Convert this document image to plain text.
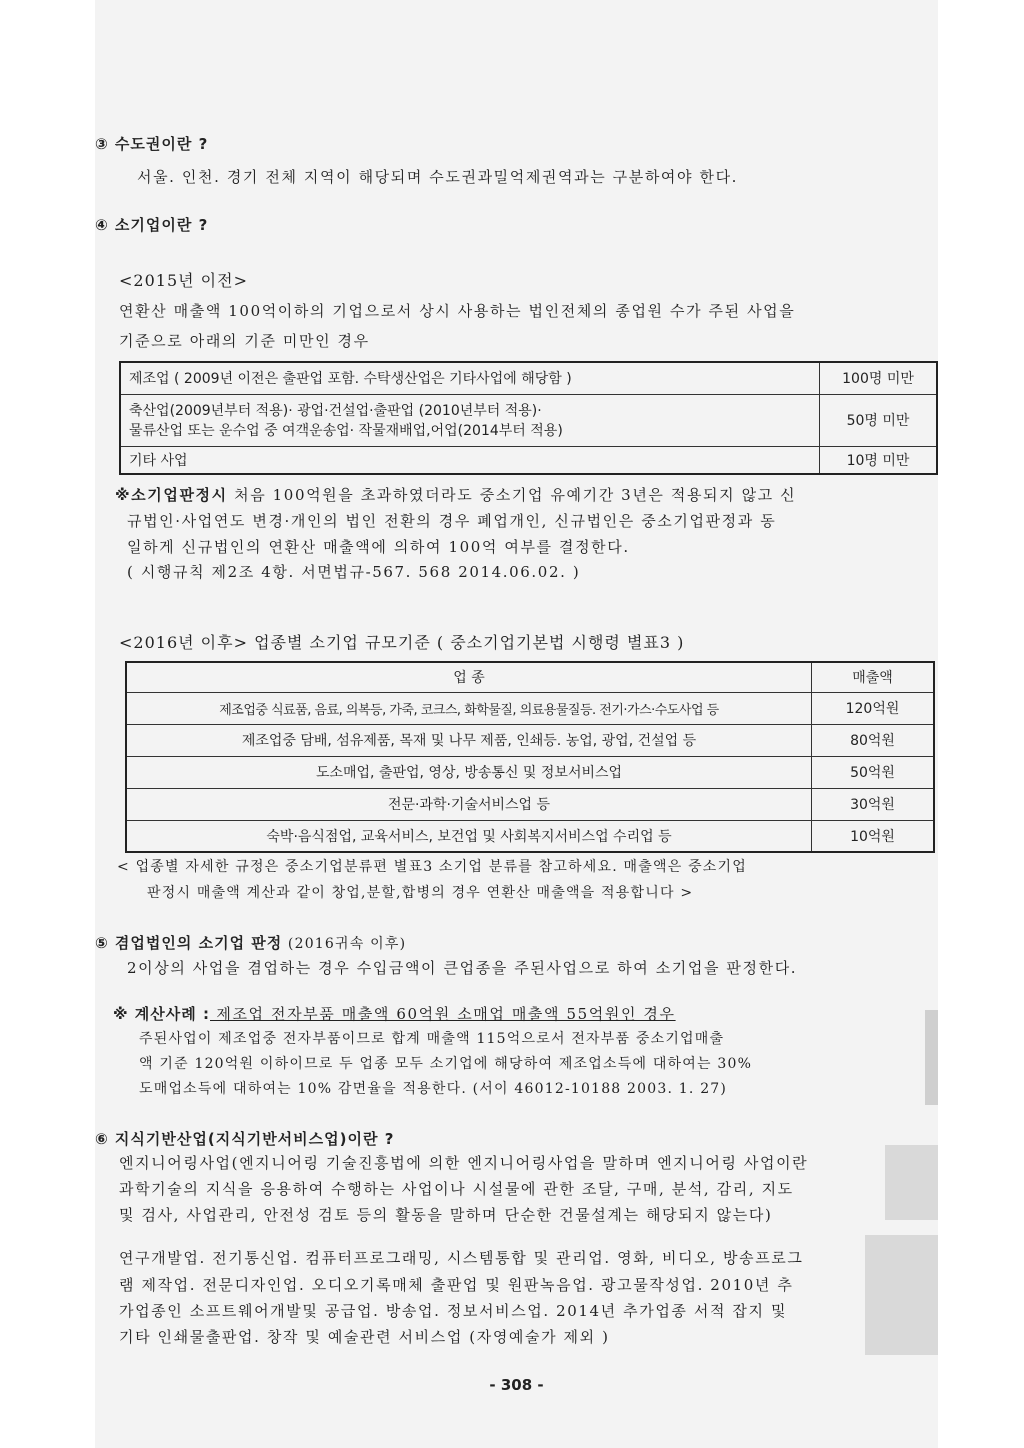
③ 수도권이란 ?
서울. 인천. 경기 전체 지역이 해당되며 수도권과밀억제권역과는 구분하여야 한다.
④ 소기업이란 ?
<2015년 이전>
연환산 매출액 100억이하의 기업으로서 상시 사용하는 법인전체의 종업원 수가 주된 사업을
기준으로 아래의 기준 미만인 경우
제조업 ( 2009년 이전은 출판업 포함. 수탁생산업은 기타사업에 해당함 )	100명 미만

축산업(2009년부터 적용)· 광업·건설업·출판업 (2010년부터 적용)·
물류산업 또는 운수업 중 여객운송업· 작물재배업,어업(2014부터 적용)	50명 미만
기타 사업	10명 미만
※소기업판정시 처음 100억원을 초과하였더라도 중소기업 유예기간 3년은 적용되지 않고 신
규법인·사업연도 변경·개인의 법인 전환의 경우 폐업개인, 신규법인은 중소기업판정과 동
일하게 신규법인의 연환산 매출액에 의하여 100억 여부를 결정한다.
( 시행규칙 제2조 4항. 서면법규-567. 568 2014.06.02. )
<2016년 이후> 업종별 소기업 규모기준 ( 중소기업기본법 시행령 별표3 )
업 종	매출액
제조업중 식료품, 음료, 의복등, 가죽, 코크스, 화학물질, 의료용물질등. 전기·가스·수도사업 등	120억원
제조업중 담배, 섬유제품, 목재 및 나무 제품, 인쇄등. 농업, 광업, 건설업 등	80억원
도소매업, 출판업, 영상, 방송통신 및 정보서비스업	50억원
전문·과학·기술서비스업 등	30억원
숙박·음식점업, 교육서비스, 보건업 및 사회복지서비스업 수리업 등	10억원
< 업종별 자세한 규정은 중소기업분류편 별표3 소기업 분류를 참고하세요. 매출액은 중소기업
판정시 매출액 계산과 같이 창업,분할,합병의 경우 연환산 매출액을 적용합니다 >
⑤ 겸업법인의 소기업 판정 (2016귀속 이후)
2이상의 사업을 겸업하는 경우 수입금액이 큰업종을 주된사업으로 하여 소기업을 판정한다.
※ 계산사례 : 제조업 전자부품 매출액 60억원 소매업 매출액 55억원인 경우
주된사업이 제조업중 전자부품이므로 합계 매출액 115억으로서 전자부품 중소기업매출
액 기준 120억원 이하이므로 두 업종 모두 소기업에 해당하여 제조업소득에 대하여는 30%
도매업소득에 대하여는 10% 감면율을 적용한다. (서이 46012-10188 2003. 1. 27)
⑥ 지식기반산업(지식기반서비스업)이란 ?
엔지니어링사업(엔지니어링 기술진흥법에 의한 엔지니어링사업을 말하며 엔지니어링 사업이란
과학기술의 지식을 응용하여 수행하는 사업이나 시설물에 관한 조달, 구매, 분석, 감리, 지도
및 검사, 사업관리, 안전성 검토 등의 활동을 말하며 단순한 건물설계는 해당되지 않는다)
연구개발업. 전기통신업. 컴퓨터프로그래밍, 시스템통합 및 관리업. 영화, 비디오, 방송프로그
램 제작업. 전문디자인업. 오디오기록매체 출판업 및 원판녹음업. 광고물작성업. 2010년 추
가업종인 소프트웨어개발및 공급업. 방송업. 정보서비스업. 2014년 추가업종 서적 잡지 및
기타 인쇄물출판업. 창작 및 예술관련 서비스업 (자영예술가 제외 )
- 308 -
